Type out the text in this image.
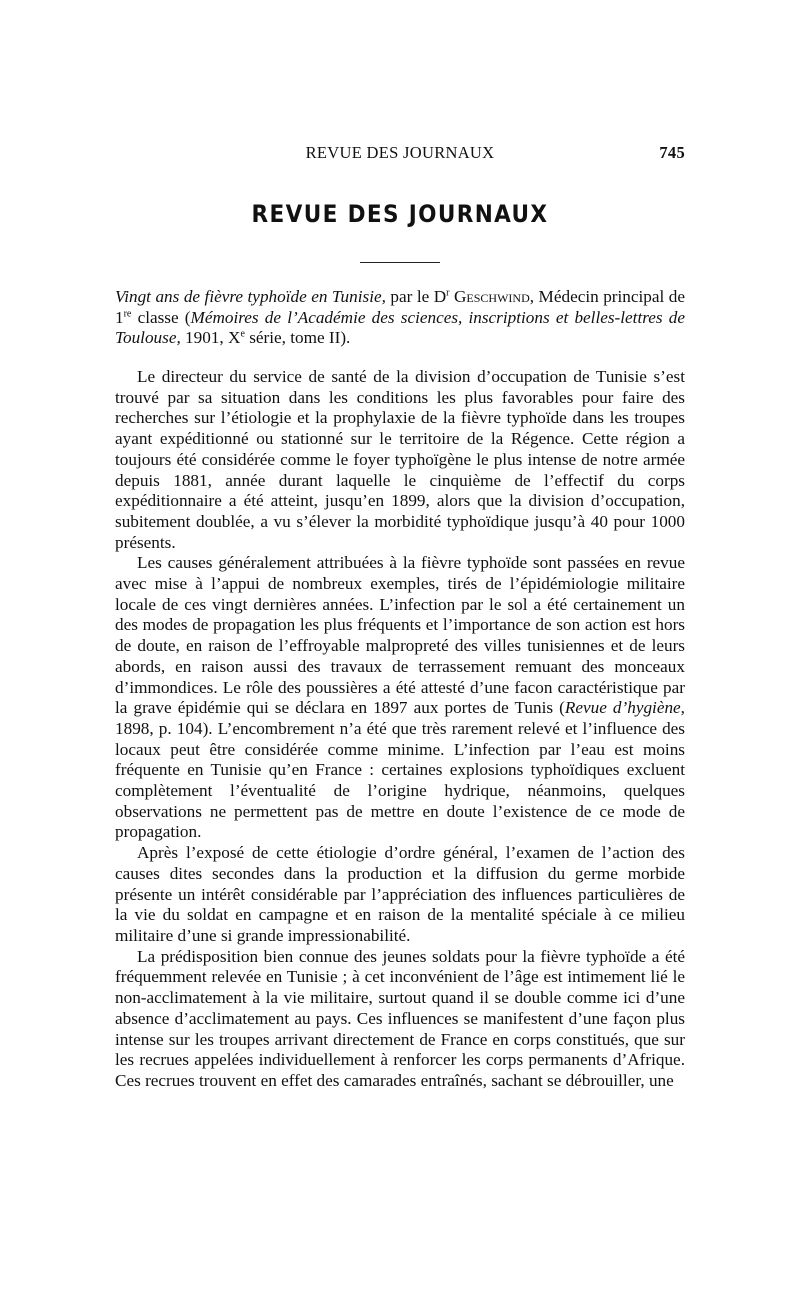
REVUE DES JOURNAUX	745
REVUE DES JOURNAUX
Vingt ans de fièvre typhoïde en Tunisie, par le $D^r$ Geschwind, Médecin principal de 1re classe (Mémoires de l’Académie des sciences, inscriptions et belles-lettres de Toulouse, 1901, Xe série, tome II).

Le directeur du service de santé de la division d’occupation de Tunisie s’est trouvé par sa situation dans les conditions les plus favorables pour faire des recherches sur l’étiologie et la prophylaxie de la fièvre typhoïde dans les troupes ayant expéditionné ou stationné sur le territoire de la Régence. Cette région a toujours été considérée comme le foyer typhoïgène le plus intense de notre armée depuis 1881, année durant laquelle le cinquième de l’effectif du corps expéditionnaire a été atteint, jusqu’en 1899, alors que la division d’occupation, subitement doublée, a vu s’élever la morbidité typhoïdique jusqu’à 40 pour 1000 présents.

Les causes généralement attribuées à la fièvre typhoïde sont passées en revue avec mise à l’appui de nombreux exemples, tirés de l’épidémiologie militaire locale de ces vingt dernières années. L’infection par le sol a été certainement un des modes de propagation les plus fréquents et l’importance de son action est hors de doute, en raison de l’effroyable malpropreté des villes tunisiennes et de leurs abords, en raison aussi des travaux de terrassement remuant des monceaux d’immondices. Le rôle des poussières a été attesté d’une facon caractéristique par la grave épidémie qui se déclara en 1897 aux portes de Tunis (Revue d’hygiène, 1898, p. 104). L’encombrement n’a été que très rarement relevé et l’influence des locaux peut être considérée comme minime. L’infection par l’eau est moins fréquente en Tunisie qu’en France : certaines explosions typhoïdiques excluent complètement l’éventualité de l’origine hydrique, néanmoins, quelques observations ne permettent pas de mettre en doute l’existence de ce mode de propagation.

Après l’exposé de cette étiologie d’ordre général, l’examen de l’action des causes dites secondes dans la production et la diffusion du germe morbide présente un intérêt considérable par l’appréciation des influences particulières de la vie du soldat en campagne et en raison de la mentalité spéciale à ce milieu militaire d’une si grande impressionabilité.

La prédisposition bien connue des jeunes soldats pour la fièvre typhoïde a été fréquemment relevée en Tunisie ; à cet inconvénient de l’âge est intimement lié le non-acclimatement à la vie militaire, surtout quand il se double comme ici d’une absence d’acclimatement au pays. Ces influences se manifestent d’une façon plus intense sur les troupes arrivant directement de France en corps constitués, que sur les recrues appelées individuellement à renforcer les corps permanents d’Afrique. Ces recrues trouvent en effet des camarades entraînés, sachant se débrouiller, une
